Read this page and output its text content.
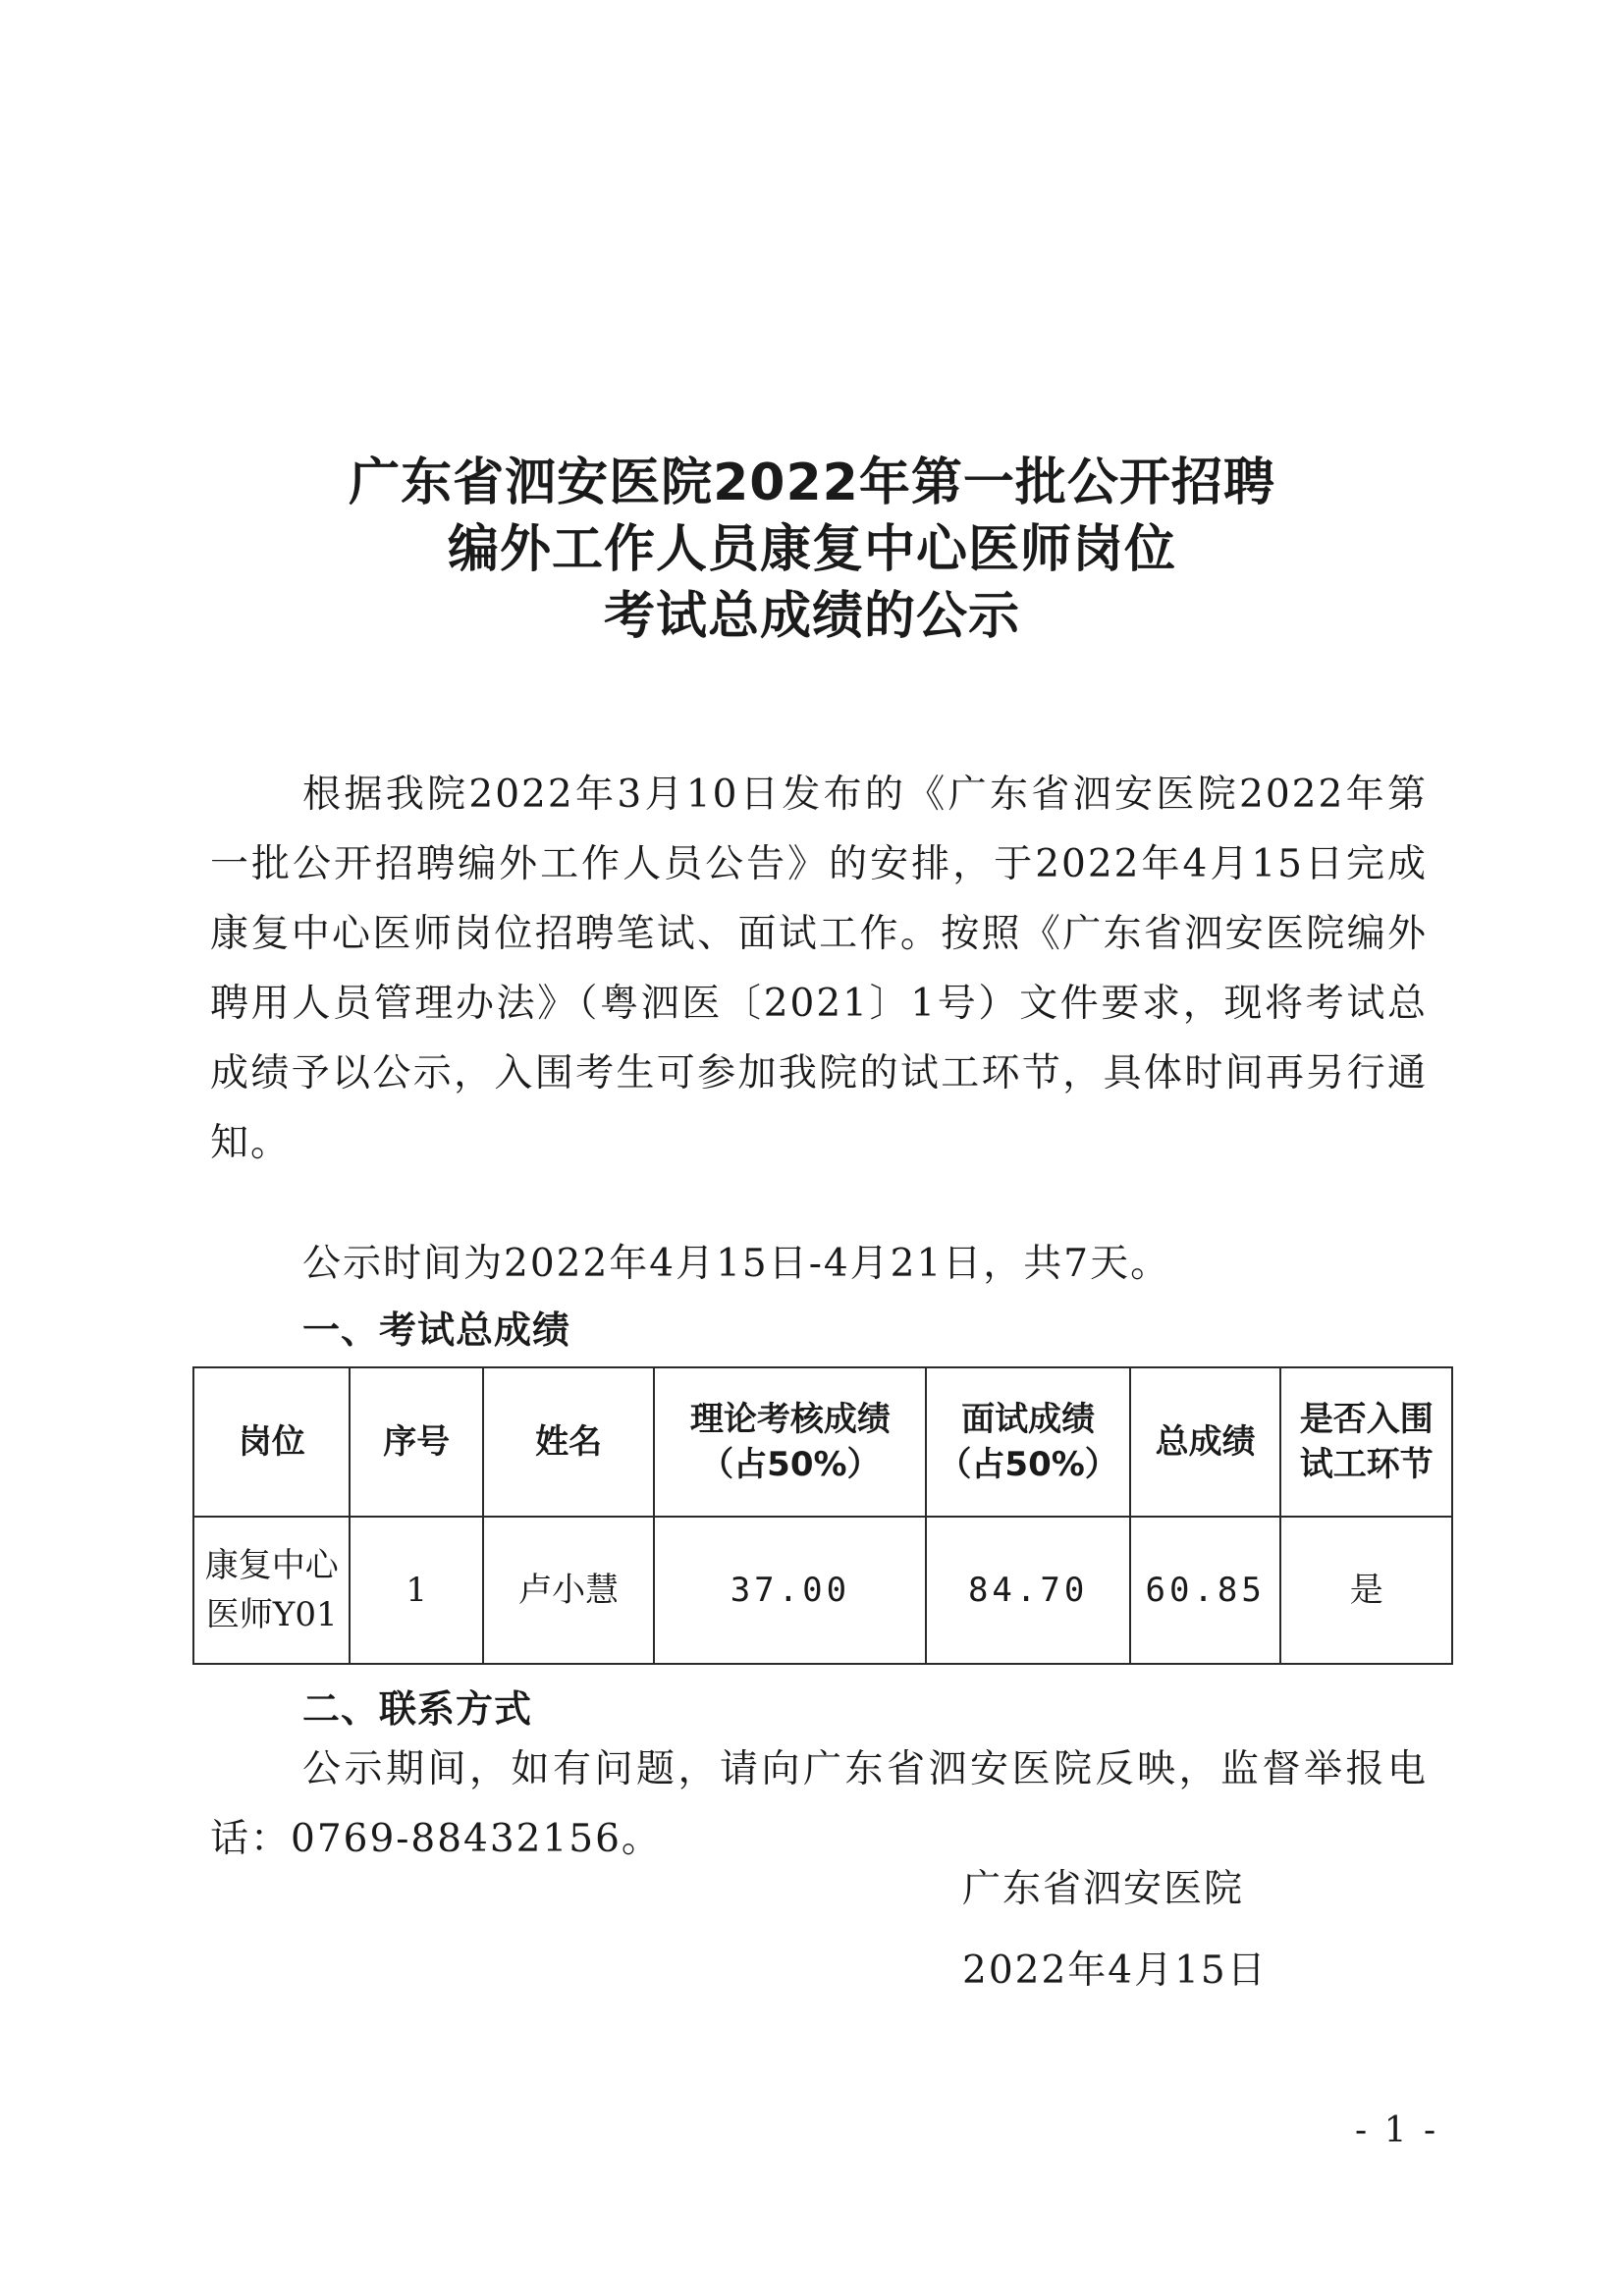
广东省泗安医院2022年第一批公开招聘
编外工作人员康复中心医师岗位
考试总成绩的公示
根据我院2022年3月10日发布的《广东省泗安医院2022年第一批公开招聘编外工作人员公告》的安排，于2022年4月15日完成康复中心医师岗位招聘笔试、面试工作。按照《广东省泗安医院编外聘用人员管理办法》（粤泗医〔2021〕1号）文件要求，现将考试总成绩予以公示，入围考生可参加我院的试工环节，具体时间再另行通知。
公示时间为2022年4月15日-4月21日，共7天。
一、考试总成绩
岗位	序号	姓名	理论考核成绩（占50%）	面试成绩（占50%）	总成绩	是否入围试工环节
康复中心医师Y01	1	卢小慧	37.00	84.70	60.85	是
二、联系方式
公示期间，如有问题，请向广东省泗安医院反映，监督举报电话：0769-88432156。
广东省泗安医院
2022年4月15日
- 1 -
